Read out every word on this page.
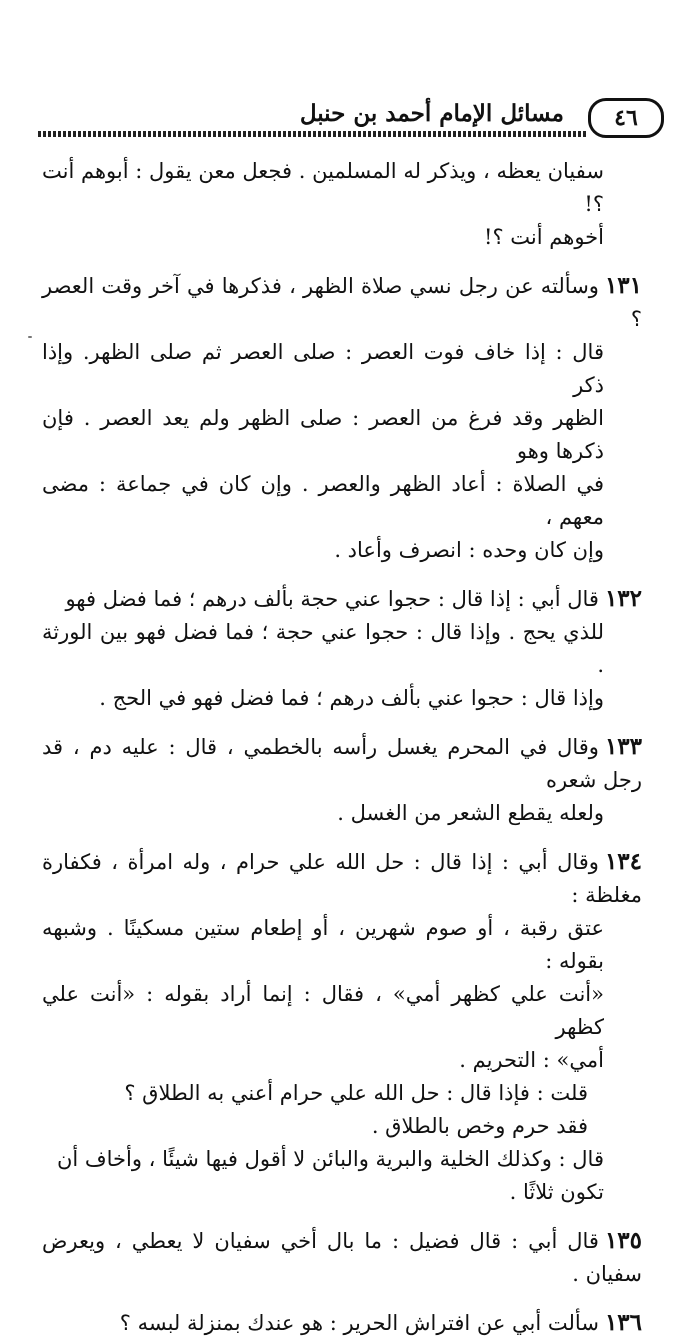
مسائل الإمام أحمد بن حنبل	٤٦
سفيان يعظه ، ويذكر له المسلمين . فجعل معن يقول : أبوهم أنت ؟!
أخوهم أنت ؟!
١٣١وسألته عن رجل نسي صلاة الظهر ، فذكرها في آخر وقت العصر ؟
قال : إذا خاف فوت العصر : صلى العصر ثم صلى الظهر. وإذا ذكر
الظهر وقد فرغ من العصر : صلى الظهر ولم يعد العصر . فإن ذكرها وهو
في الصلاة : أعاد الظهر والعصر . وإن كان في جماعة : مضى معهم ،
وإن كان وحده : انصرف وأعاد .
١٣٢قال أبي : إذا قال : حجوا عني حجة بألف درهم ؛ فما فضل فهو
للذي يحج . وإذا قال : حجوا عني حجة ؛ فما فضل فهو بين الورثة .
وإذا قال : حجوا عني بألف درهم ؛ فما فضل فهو في الحج .
١٣٣وقال في المحرم يغسل رأسه بالخطمي ، قال : عليه دم ، قد رجل شعره
ولعله يقطع الشعر من الغسل .
١٣٤وقال أبي : إذا قال : حل الله علي حرام ، وله امرأة ، فكفارة مغلظة :
عتق رقبة ، أو صوم شهرين ، أو إطعام ستين مسكينًا . وشبهه بقوله :
«أنت علي كظهر أمي» ، فقال : إنما أراد بقوله : «أنت علي كظهر
أمي» : التحريم .
قلت : فإذا قال : حل الله علي حرام أعني به الطلاق ؟
فقد حرم وخص بالطلاق .
قال : وكذلك الخلية والبرية والبائن لا أقول فيها شيئًا ، وأخاف أن
تكون ثلاثًا .
١٣٥قال أبي : قال فضيل : ما بال أخي سفيان لا يعطي ، ويعرض سفيان .
١٣٦سألت أبي عن افتراش الحرير : هو عندك بمنزلة لبسه ؟
